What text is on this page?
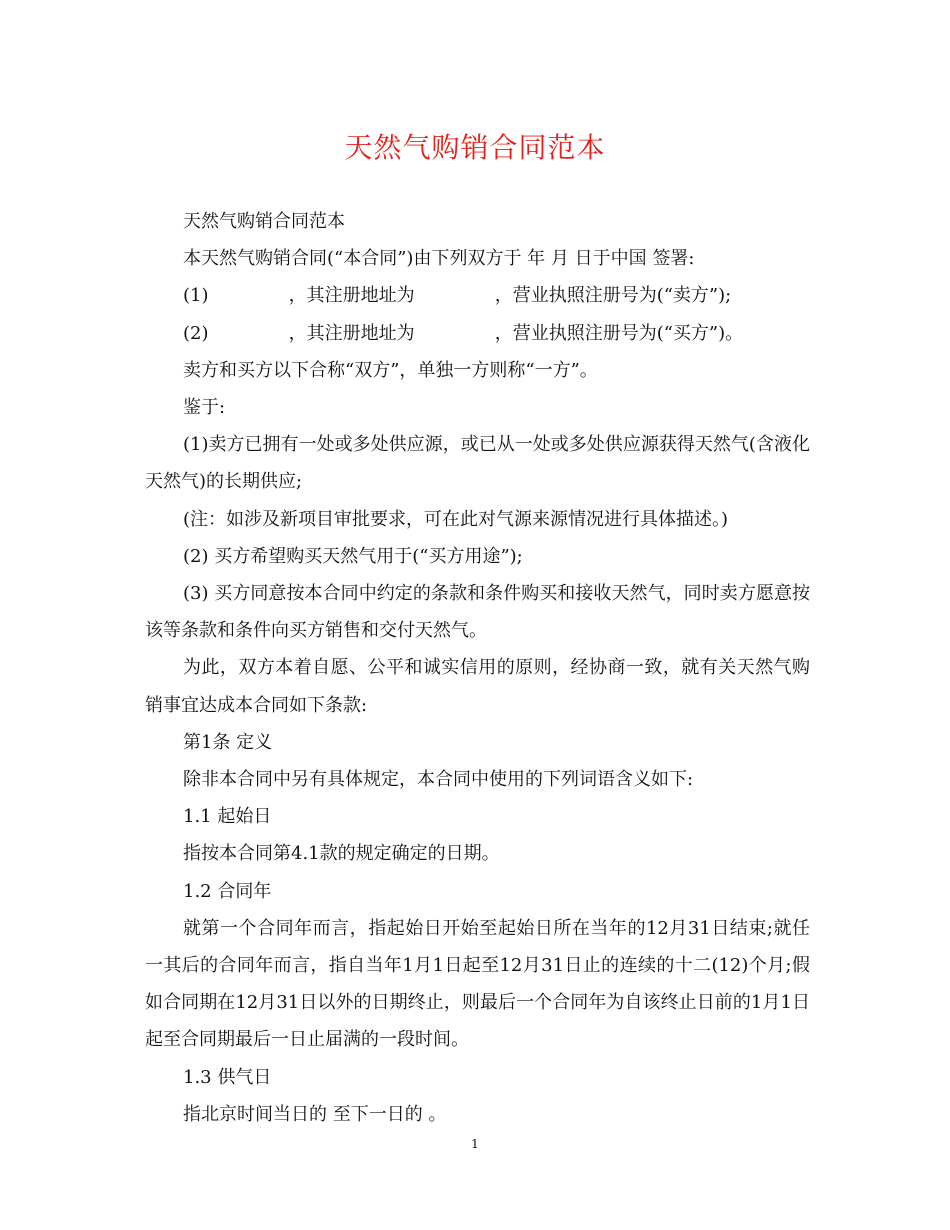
天然气购销合同范本

天然气购销合同范本

本天然气购销合同(“本合同”)由下列双方于 年 月 日于中国 签署:

(1)              ，其注册地址为              ，营业执照注册号为(“卖方”);

(2)              ，其注册地址为              ，营业执照注册号为(“买方”)。

卖方和买方以下合称“双方”，单独一方则称“一方”。

鉴于:

(1)卖方已拥有一处或多处供应源，或已从一处或多处供应源获得天然气(含液化天然气)的长期供应;

(注：如涉及新项目审批要求，可在此对气源来源情况进行具体描述。)

(2) 买方希望购买天然气用于(“买方用途”);

(3) 买方同意按本合同中约定的条款和条件购买和接收天然气，同时卖方愿意按该等条款和条件向买方销售和交付天然气。

为此，双方本着自愿、公平和诚实信用的原则，经协商一致，就有关天然气购销事宜达成本合同如下条款:

第1条 定义

除非本合同中另有具体规定，本合同中使用的下列词语含义如下:

1.1 起始日

指按本合同第4.1款的规定确定的日期。

1.2 合同年

就第一个合同年而言，指起始日开始至起始日所在当年的12月31日结束;就任一其后的合同年而言，指自当年1月1日起至12月31日止的连续的十二(12)个月;假如合同期在12月31日以外的日期终止，则最后一个合同年为自该终止日前的1月1日起至合同期最后一日止届满的一段时间。

1.3 供气日

指北京时间当日的 至下一日的 。

1
